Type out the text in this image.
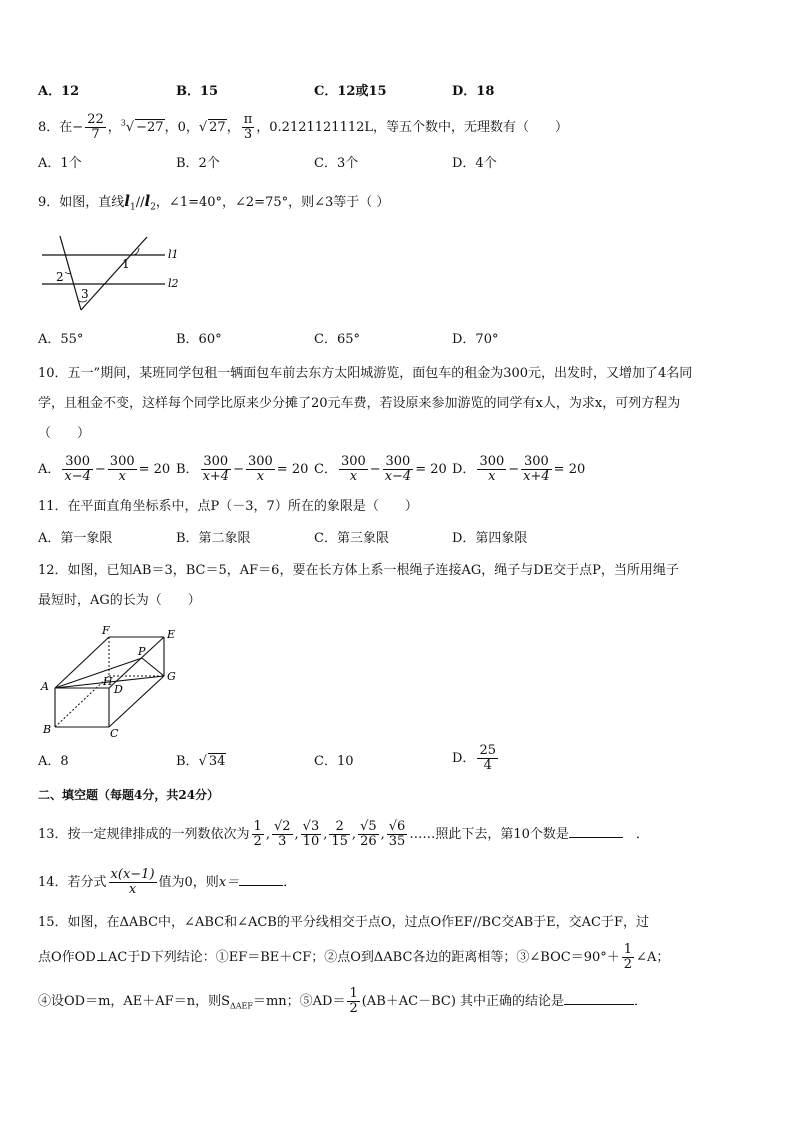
A．12	B．15	C．12或15	D．18
8．在− $\frac{22}{7}$ ，$^3$√ −27，0，√ 27， $\frac{\pi}{3}$ ，0.2121121112L，等五个数中，无理数有（　　）
A．1个	B．2个	C．3个	D．4个
9．如图，直线$l_1//l_2$，∠1=40°，∠2=75°，则∠3等于（ ）
1
2
3
l1
l2
A．55°	B．60°	C．65°	D．70°
10．五一”期间，某班同学包租一辆面包车前去东方太阳城游览，面包车的租金为300元，出发时，又增加了4名同
学，且租金不变，这样每个同学比原来少分摊了20元车费，若设原来参加游览的同学有x人，为求x，可列方程为
（　　）
A． $\frac{300}{x-4} - \frac{300}{x} = 20$ B． $\frac{300}{x+4} - \frac{300}{x} = 20$ C． $\frac{300}{x} - \frac{300}{x-4} = 20$ D． $\frac{300}{x} - \frac{300}{x+4} = 20$
11．在平面直角坐标系中，点P（－3，7）所在的象限是（　　）
A．第一象限	B．第二象限	C．第三象限	D．第四象限
12．如图，已知AB＝3，BC＝5，AF＝6，要在长方体上系一根绳子连接AG，绳子与DE交于点P，当所用绳子
最短时，AG的长为（　　）
F	E
P
A	H
D
G
B	C
A．8	B．√ 34	C．10	D． $\frac{25}{4}$
二、填空题（每题4分，共24分）
13．按一定规律排成的一列数依次为 $\frac{1}{2}$ , $\frac{√2}{3}$ , $\frac{√3}{10}$ , $\frac{2}{15}$ , $\frac{√5}{26}$ , $\frac{√6}{35}$ ……照此下去，第10个数是　	．
14．若分式 $\frac{x(x-1)}{x}$ 值为0，则x＝	．
15．如图，在ΔABC中，∠ABC和∠ACB的平分线相交于点O，过点O作EF//BC交AB于E，交AC于F，过
点O作OD⊥AC于D下列结论：①EF＝BE＋CF；②点O到ΔABC各边的距离相等；③∠BOC＝90°＋ $\frac{1}{2}$ ∠A；
④设OD＝m，AE＋AF＝n，则$S_{\Delta AEF}=mn$；⑤AD＝ $\frac{1}{2} (AB+AC-BC)$ 其中正确的结论是	．
